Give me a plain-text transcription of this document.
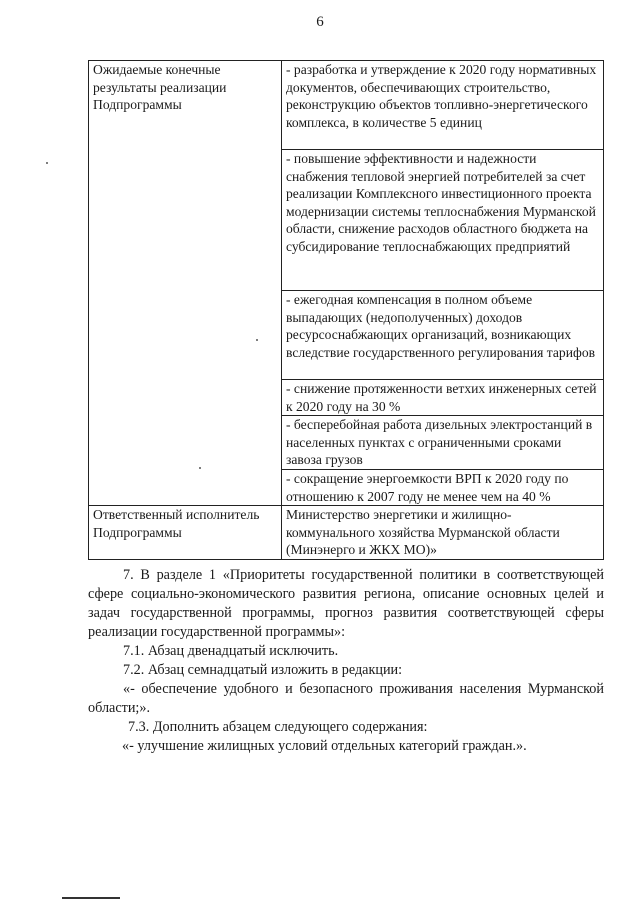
6
Ожидаемые конечные результаты реализации Подпрограммы	- разработка и утверждение к 2020 году нормативных документов, обеспечивающих строительство, реконструкцию объектов топливно-энергетического комплекса, в количестве 5 единиц
	- повышение эффективности и надежности снабжения тепловой энергией потребителей за счет реализации Комплексного инвестиционного проекта модернизации системы теплоснабжения Мурманской области, снижение расходов областного бюджета на субсидирование теплоснабжающих предприятий
	- ежегодная компенсация в полном объеме выпадающих (недополученных) доходов ресурсоснабжающих организаций, возникающих вследствие государственного регулирования тарифов
	- снижение протяженности ветхих инженерных сетей к 2020 году на 30 %
	- бесперебойная работа дизельных электростанций в населенных пунктах с ограниченными сроками завоза грузов
	- сокращение энергоемкости ВРП к 2020 году по отношению к 2007 году не менее чем на 40 %
Ответственный исполнитель Подпрограммы	Министерство энергетики и жилищно-коммунального хозяйства Мурманской области (Минэнерго и ЖКХ МО)»

7. В разделе 1 «Приоритеты государственной политики в соответствующей сфере социально-экономического развития региона, описание основных целей и задач государственной программы, прогноз развития соответствующей сферы реализации государственной программы»:

7.1. Абзац двенадцатый исключить.

7.2. Абзац семнадцатый изложить в редакции:

«- обеспечение удобного и безопасного проживания населения Мурманской области;».

7.3. Дополнить абзацем следующего содержания:

«- улучшение жилищных условий отдельных категорий граждан.».
